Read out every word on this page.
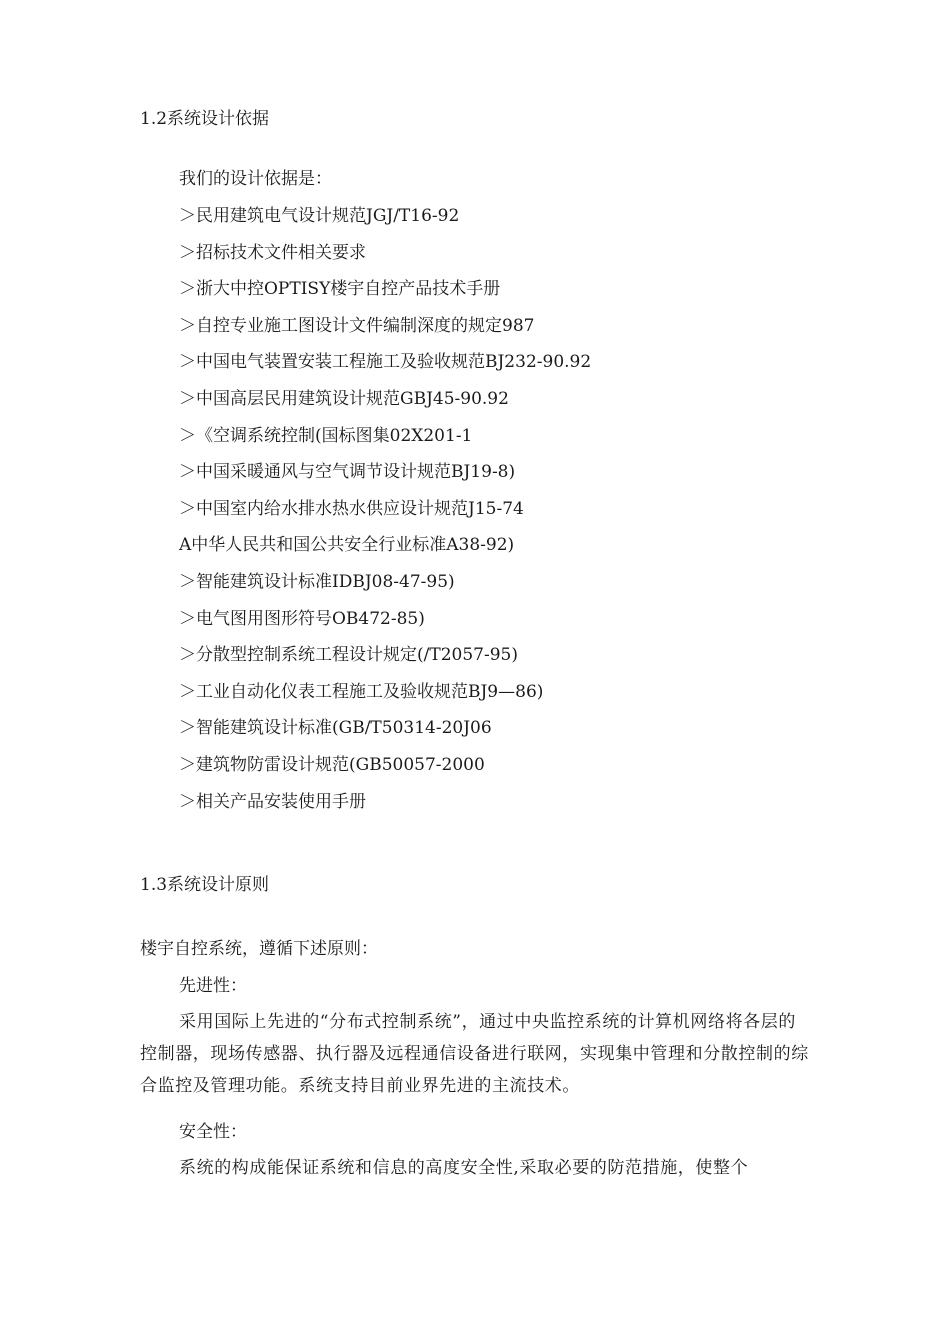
1.2系统设计依据
我们的设计依据是：
＞民用建筑电气设计规范JGJ/T16-92
＞招标技术文件相关要求
＞浙大中控OPTISY楼宇自控产品技术手册
＞自控专业施工图设计文件编制深度的规定987
＞中国电气装置安装工程施工及验收规范BJ232-90.92
＞中国高层民用建筑设计规范GBJ45-90.92
＞《空调系统控制(国标图集02X201-1
＞中国采暖通风与空气调节设计规范BJ19-8)
＞中国室内给水排水热水供应设计规范J15-74
A中华人民共和国公共安全行业标准A38-92)
＞智能建筑设计标准IDBJ08-47-95)
＞电气图用图形符号OB472-85)
＞分散型控制系统工程设计规定(/T2057-95)
＞工业自动化仪表工程施工及验收规范BJ9—86)
＞智能建筑设计标准(GB/T50314-20J06
＞建筑物防雷设计规范(GB50057-2000
＞相关产品安装使用手册
1.3系统设计原则
楼宇自控系统，遵循下述原则：
先进性：
采用国际上先进的“分布式控制系统”，通过中央监控系统的计算机网络将各层的控制器，现场传感器、执行器及远程通信设备进行联网，实现集中管理和分散控制的综合监控及管理功能。系统支持目前业界先进的主流技术。
安全性：
系统的构成能保证系统和信息的高度安全性,采取必要的防范措施，使整个
